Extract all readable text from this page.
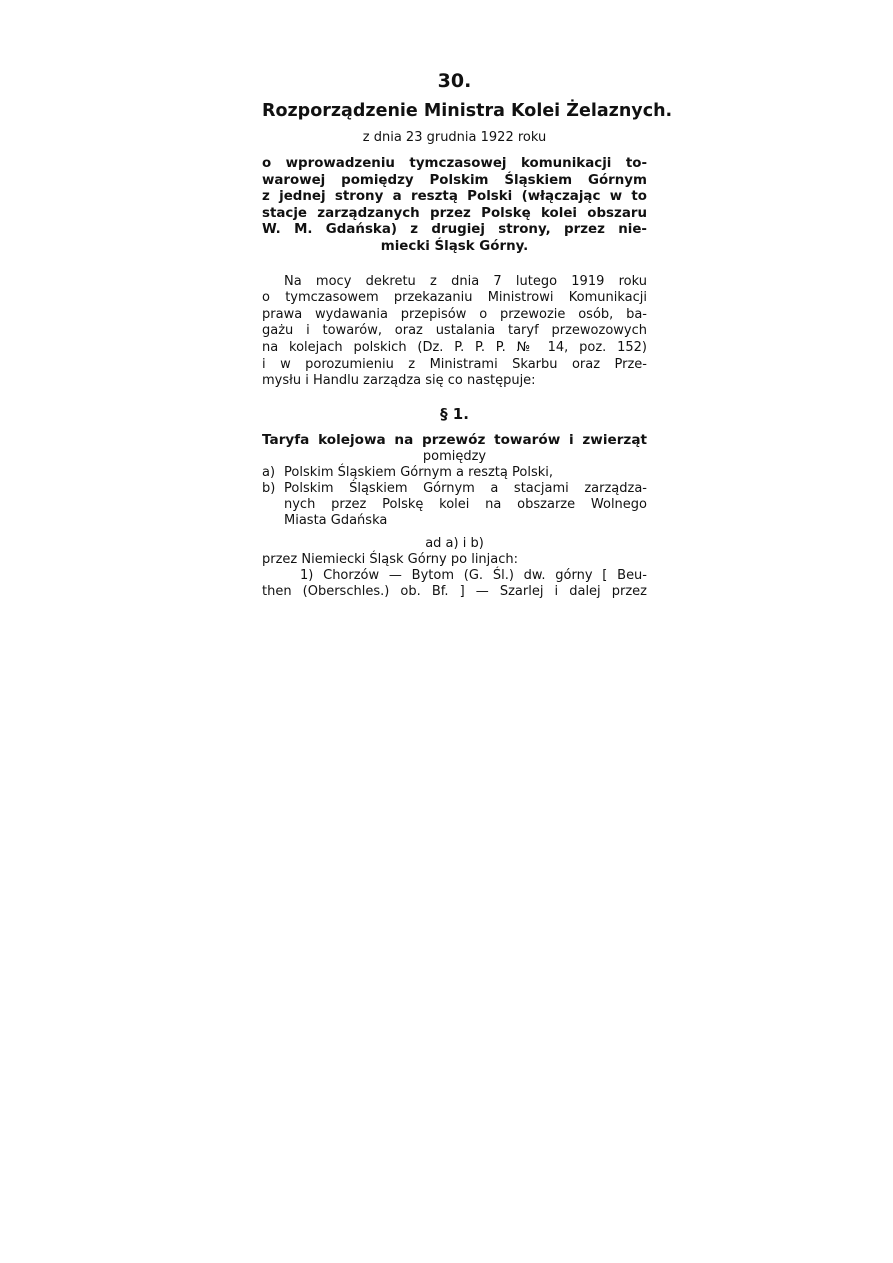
30.
Rozporządzenie Ministra Kolei Żelaznych.
z dnia 23 grudnia 1922 roku
o wprowadzeniu tymczasowej komunikacji to-
warowej pomiędzy Polskim Śląskiem Górnym
z jednej strony a resztą Polski (włączając w to
stacje zarządzanych przez Polskę kolei obszaru
W. M. Gdańska) z drugiej strony, przez nie-
miecki Śląsk Górny.
Na mocy dekretu z dnia 7 lutego 1919 roku
o tymczasowem przekazaniu Ministrowi Komunikacji
prawa wydawania przepisów o przewozie osób, ba-
gażu i towarów, oraz ustalania taryf przewozowych
na kolejach polskich (Dz. P. P. P. № 14, poz. 152)
i w porozumieniu z Ministrami Skarbu oraz Prze-
mysłu i Handlu zarządza się co następuje:
§ 1.
Taryfa kolejowa na przewóz towarów i zwierząt
pomiędzy
a) Polskim Śląskiem Górnym a resztą Polski,
b) Polskim Śląskiem Górnym a stacjami zarządza-
nych przez Polskę kolei na obszarze Wolnego
Miasta Gdańska
ad a) i b)
przez Niemiecki Śląsk Górny po linjach:
1) Chorzów — Bytom (G. Śl.) dw. górny [ Beu-
then (Oberschles.) ob. Bf. ] — Szarlej i dalej przez
